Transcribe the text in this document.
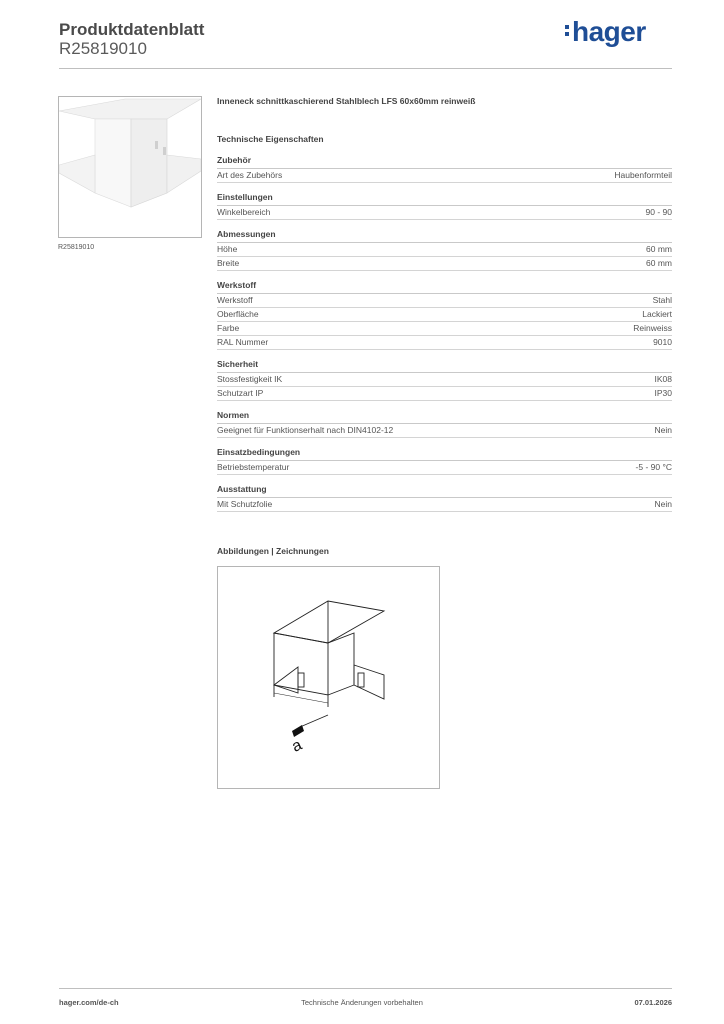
Produktdatenblatt
R25819010
hager
R25819010
Inneneck schnittkaschierend Stahlblech LFS 60x60mm reinweiß
Technische Eigenschaften
Zubehör
Art des Zubehörs	Haubenformteil
Einstellungen
Winkelbereich	90 - 90
Abmessungen
Höhe	60 mm
Breite	60 mm
Werkstoff
Werkstoff	Stahl
Oberfläche	Lackiert
Farbe	Reinweiss
RAL Nummer	9010
Sicherheit
Stossfestigkeit IK	IK08
Schutzart IP	IP30
Normen
Geeignet für Funktionserhalt nach DIN4102-12	Nein
Einsatzbedingungen
Betriebstemperatur	-5 - 90 °C
Ausstattung
Mit Schutzfolie	Nein
Abbildungen | Zeichnungen
a
hager.com/de-ch	Technische Änderungen vorbehalten	07.01.2026
